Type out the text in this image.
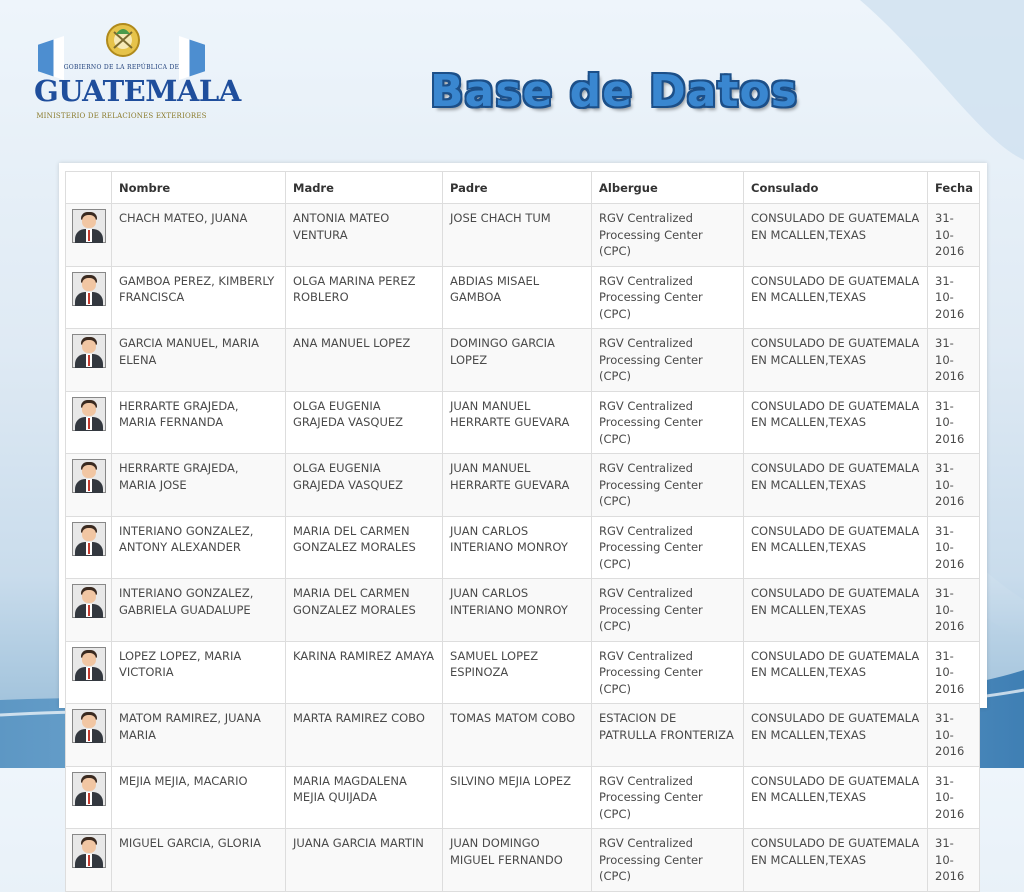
GOBIERNO DE LA REPÚBLICA DE
GUATEMALA
MINISTERIO DE RELACIONES EXTERIORES	Base de Datos
	Nombre	Madre	Padre	Albergue	Consulado	Fecha

	CHACH MATEO, JUANA	ANTONIA MATEO VENTURA	JOSE CHACH TUM	RGV Centralized Processing Center (CPC)	CONSULADO DE GUATEMALA EN MCALLEN,TEXAS	31-10-2016

	GAMBOA PEREZ, KIMBERLY FRANCISCA	OLGA MARINA PEREZ ROBLERO	ABDIAS MISAEL GAMBOA	RGV Centralized Processing Center (CPC)	CONSULADO DE GUATEMALA EN MCALLEN,TEXAS	31-10-2016

	GARCIA MANUEL, MARIA ELENA	ANA MANUEL LOPEZ	DOMINGO GARCIA LOPEZ	RGV Centralized Processing Center (CPC)	CONSULADO DE GUATEMALA EN MCALLEN,TEXAS	31-10-2016

	HERRARTE GRAJEDA, MARIA FERNANDA	OLGA EUGENIA GRAJEDA VASQUEZ	JUAN MANUEL HERRARTE GUEVARA	RGV Centralized Processing Center (CPC)	CONSULADO DE GUATEMALA EN MCALLEN,TEXAS	31-10-2016

	HERRARTE GRAJEDA, MARIA JOSE	OLGA EUGENIA GRAJEDA VASQUEZ	JUAN MANUEL HERRARTE GUEVARA	RGV Centralized Processing Center (CPC)	CONSULADO DE GUATEMALA EN MCALLEN,TEXAS	31-10-2016

	INTERIANO GONZALEZ, ANTONY ALEXANDER	MARIA DEL CARMEN GONZALEZ MORALES	JUAN CARLOS INTERIANO MONROY	RGV Centralized Processing Center (CPC)	CONSULADO DE GUATEMALA EN MCALLEN,TEXAS	31-10-2016

	INTERIANO GONZALEZ, GABRIELA GUADALUPE	MARIA DEL CARMEN GONZALEZ MORALES	JUAN CARLOS INTERIANO MONROY	RGV Centralized Processing Center (CPC)	CONSULADO DE GUATEMALA EN MCALLEN,TEXAS	31-10-2016

	LOPEZ LOPEZ, MARIA VICTORIA	KARINA RAMIREZ AMAYA	SAMUEL LOPEZ ESPINOZA	RGV Centralized Processing Center (CPC)	CONSULADO DE GUATEMALA EN MCALLEN,TEXAS	31-10-2016

	MATOM RAMIREZ, JUANA MARIA	MARTA RAMIREZ COBO	TOMAS MATOM COBO	ESTACION DE PATRULLA FRONTERIZA	CONSULADO DE GUATEMALA EN MCALLEN,TEXAS	31-10-2016

	MEJIA MEJIA, MACARIO	MARIA MAGDALENA MEJIA QUIJADA	SILVINO MEJIA LOPEZ	RGV Centralized Processing Center (CPC)	CONSULADO DE GUATEMALA EN MCALLEN,TEXAS	31-10-2016

	MIGUEL GARCIA, GLORIA	JUANA GARCIA MARTIN	JUAN DOMINGO MIGUEL FERNANDO	RGV Centralized Processing Center (CPC)	CONSULADO DE GUATEMALA EN MCALLEN,TEXAS	31-10-2016
